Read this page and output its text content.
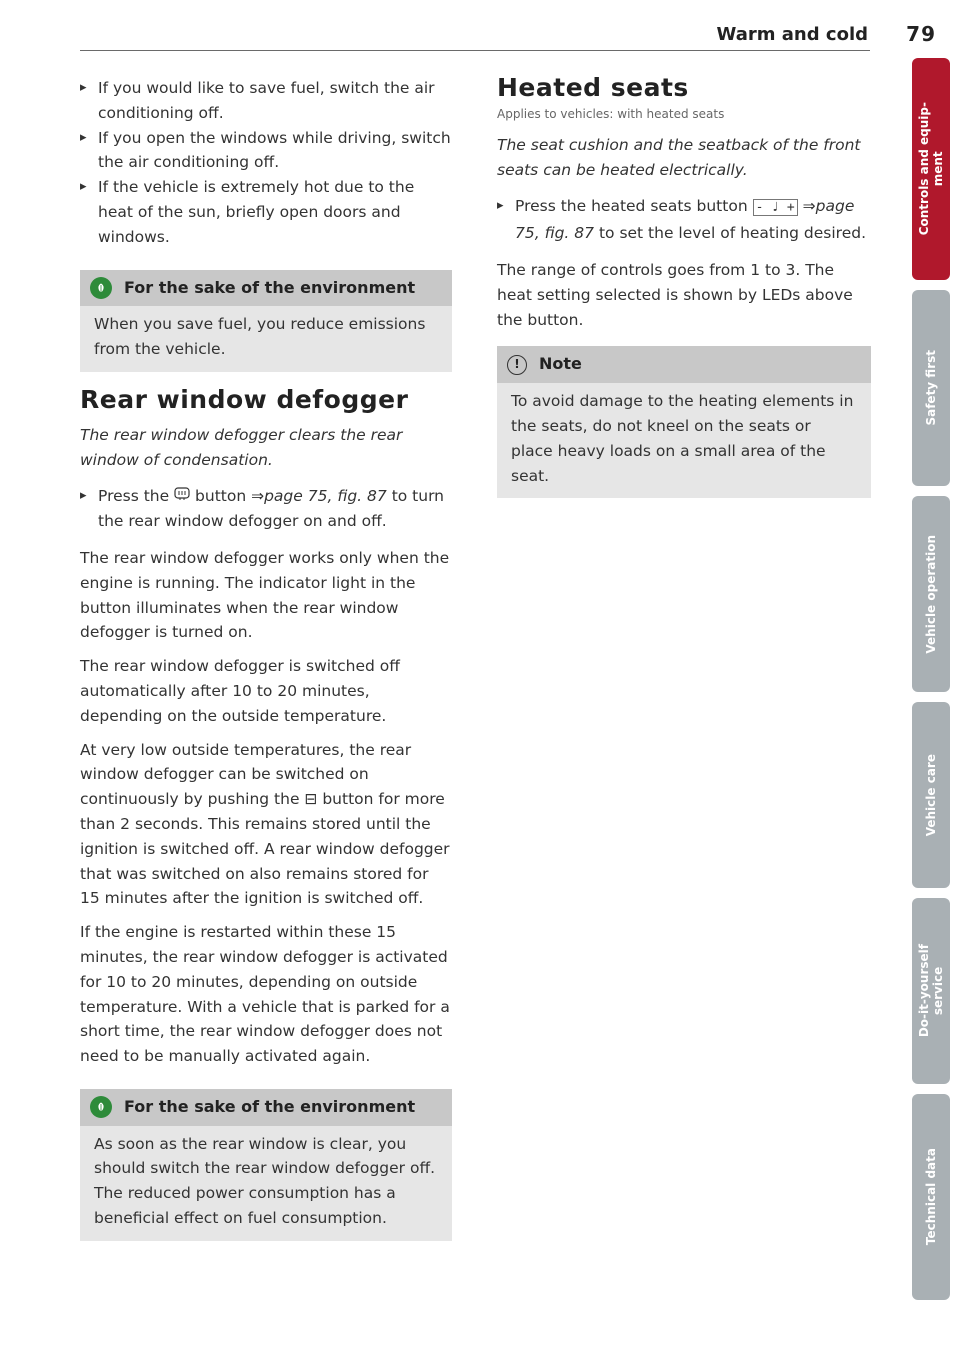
Warm and cold 79

▸ If you would like to save fuel, switch the air conditioning off.

▸ If you open the windows while driving, switch the air conditioning off.

▸ If the vehicle is extremely hot due to the heat of the sun, briefly open doors and windows.

For the sake of the environment
When you save fuel, you reduce emissions from the vehicle.
Rear window defogger

The rear window defogger clears the rear window of condensation.

▸ Press the button ⇒page 75, fig. 87 to turn the rear window defogger on and off.

The rear window defogger works only when the engine is running. The indicator light in the button illuminates when the rear window defogger is turned on.

The rear window defogger is switched off automatically after 10 to 20 minutes, depending on the outside temperature.

At very low outside temperatures, the rear window defogger can be switched on continuously by pushing the ⊟ button for more than 2 seconds. This remains stored until the ignition is switched off. A rear window defogger that was switched on also remains stored for 15 minutes after the ignition is switched off.

If the engine is restarted within these 15 minutes, the rear window defogger is activated for 10 to 20 minutes, depending on outside temperature. With a vehicle that is parked for a short time, the rear window defogger does not need to be manually activated again.

For the sake of the environment
As soon as the rear window is clear, you should switch the rear window defogger off. The reduced power consumption has a beneficial effect on fuel consumption.
Heated seats
Applies to vehicles: with heated seats

The seat cushion and the seatback of the front seats can be heated electrically.

▸ Press the heated seats button - ♩ + ⇒page 75, fig. 87 to set the level of heating desired.

The range of controls goes from 1 to 3. The heat setting selected is shown by LEDs above the button.

!	Note
To avoid damage to the heating elements in the seats, do not kneel on the seats or place heavy loads on a small area of the seat.
Controls and equip-
ment
Safety first
Vehicle operation
Vehicle care
Do-it-yourself
service
Technical data
